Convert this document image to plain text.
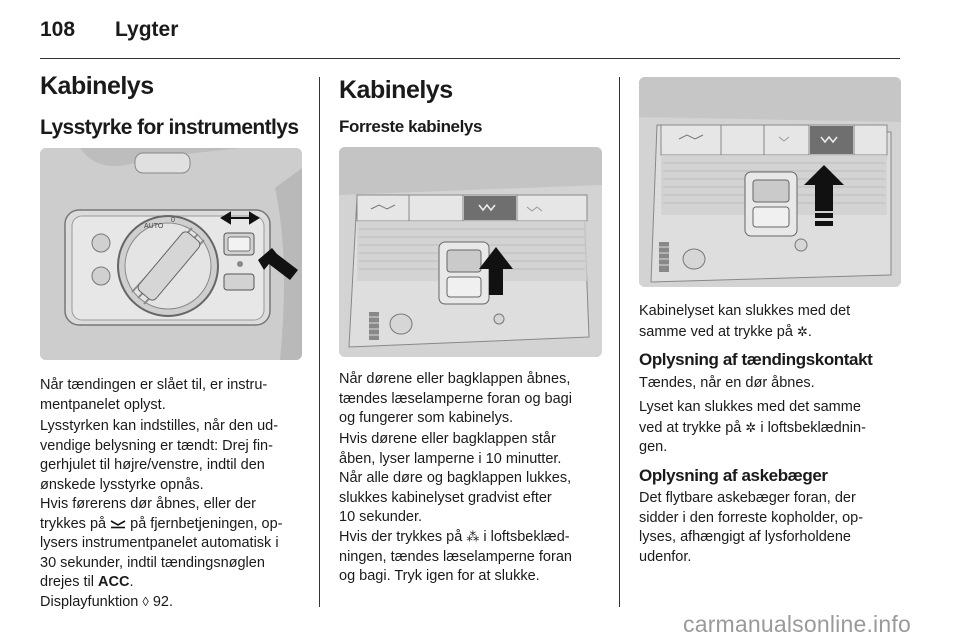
108 Lygter
Kabinelys
Lysstyrke for instrumentlys
AUTO
0
Når tændingen er slået til, er instru-
mentpanelet oplyst.
Lysstyrken kan indstilles, når den ud-
vendige belysning er tændt: Drej fin-
gerhjulet til højre/venstre, indtil den
ønskede lysstyrke opnås.
Hvis førerens dør åbnes, eller der
trykkes på  på fjernbetjeningen, op-
lysers instrumentpanelet automatisk i
30 sekunder, indtil tændingsnøglen
drejes til ACC.
Displayfunktion ◊ 92.
Kabinelys
Forreste kabinelys
Når dørene eller bagklappen åbnes,
tændes læselamperne foran og bagi
og fungerer som kabinelys.
Hvis dørene eller bagklappen står
åben, lyser lamperne i 10 minutter.
Når alle døre og bagklappen lukkes,
slukkes kabinelyset gradvist efter
10 sekunder.
Hvis der trykkes på ⁂ i loftsbeklæd-
ningen, tændes læselamperne foran
og bagi. Tryk igen for at slukke.
Kabinelyset kan slukkes med det
samme ved at trykke på ✲.
Oplysning af tændingskontakt
Tændes, når en dør åbnes.
Lyset kan slukkes med det samme
ved at trykke på ✲ i loftsbeklædnin-
gen.
Oplysning af askebæger
Det flytbare askebæger foran, der
sidder i den forreste kopholder, op-
lyses, afhængigt af lysforholdene
udenfor.
carmanualsonline.info
